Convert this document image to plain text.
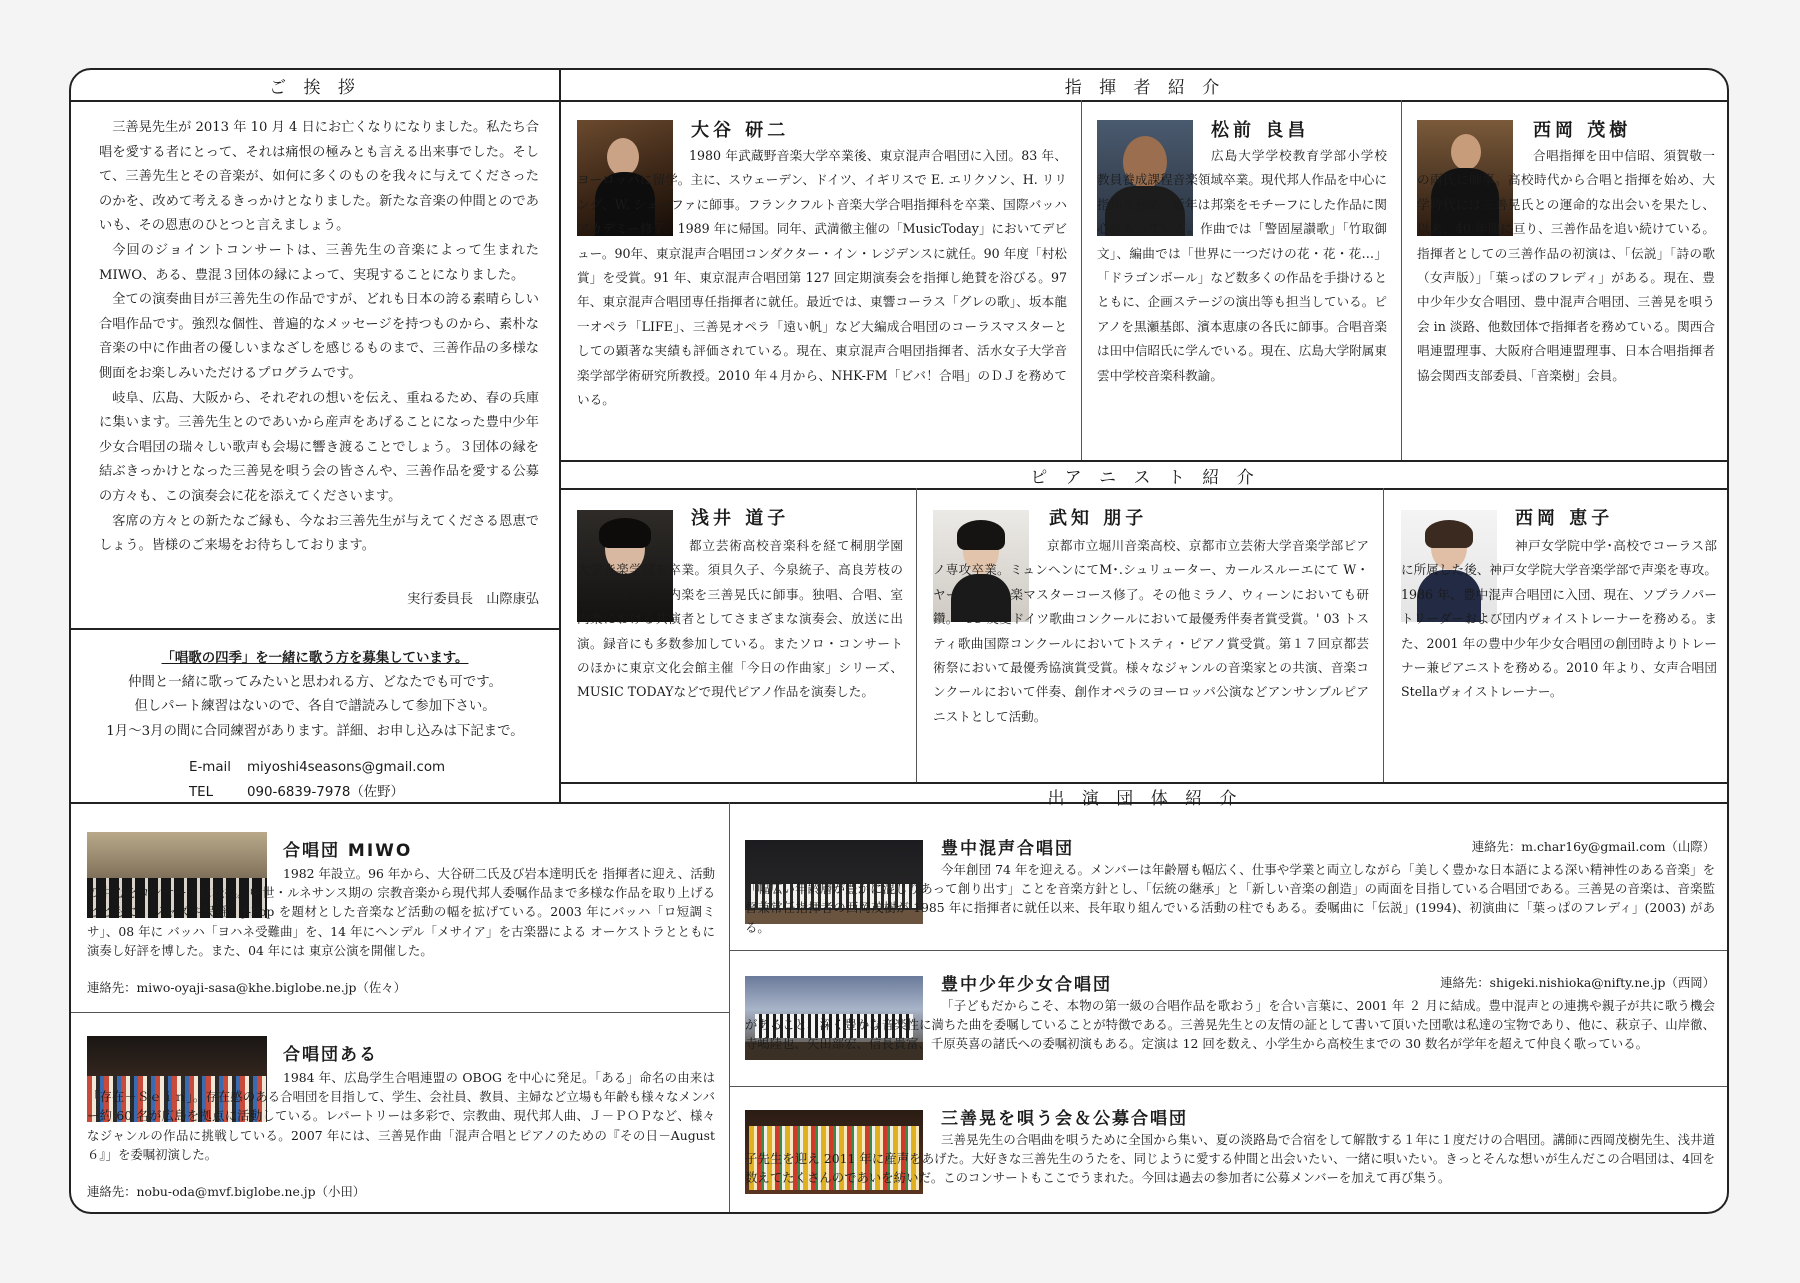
ご 挨 拶

三善晃先生が 2013 年 10 月 4 日にお亡くなりになりました。私たち合唱を愛する者にとって、それは痛恨の極みとも言える出来事でした。そして、三善先生とその音楽が、如何に多くのものを我々に与えてくださったのかを、改めて考えるきっかけとなりました。新たな音楽の仲間とのであいも、その恩恵のひとつと言えましょう。

今回のジョイントコンサートは、三善先生の音楽によって生まれた MIWO、ある、豊混３団体の縁によって、実現することになりました。

全ての演奏曲目が三善先生の作品ですが、どれも日本の誇る素晴らしい合唱作品です。強烈な個性、普遍的なメッセージを持つものから、素朴な音楽の中に作曲者の優しいまなざしを感じるものまで、三善作品の多様な側面をお楽しみいただけるプログラムです。

岐阜、広島、大阪から、それぞれの想いを伝え、重ねるため、春の兵庫に集います。三善先生とのであいから産声をあげることになった豊中少年少女合唱団の瑞々しい歌声も会場に響き渡ることでしょう。３団体の縁を結ぶきっかけとなった三善晃を唄う会の皆さんや、三善作品を愛する公募の方々も、この演奏会に花を添えてくださいます。

客席の方々との新たなご縁も、今なお三善先生が与えてくださる恩恵でしょう。皆様のご来場をお待ちしております。

実行委員長　山際康弘
「唱歌の四季」を一緒に歌う方を募集しています。
仲間と一緒に歌ってみたいと思われる方、どなたでも可です。
但しパート練習はないので、各自で譜読みして参加下さい。
1月～3月の間に合同練習があります。詳細、お申し込みは下記まで。
E-mail miyoshi4seasons@gmail.com
TEL	090-6839-7978（佐野）
指 揮 者 紹 介
大谷 研二
1980 年武蔵野音楽大学卒業後、東京混声合唱団に入団。83 年、ヨーロッパに留学。主に、スウェーデン、ドイツ、イギリスで E. エリクソン、H. リリング、W. シェーファに師事。フランクフルト音楽大学合唱指揮科を卒業、国際バッハアカデミー修了。1989 年に帰国。同年、武満徹主催の「MusicToday」においてデビュー。90年、東京混声合唱団コンダクター・イン・レジデンスに就任。90 年度「村松賞」を受賞。91 年、東京混声合唱団第 127 回定期演奏会を指揮し絶賛を浴びる。97 年、東京混声合唱団専任指揮者に就任。最近では、東響コーラス「グレの歌」、坂本龍一オペラ「LIFE」、三善晃オペラ「遠い帆」など大編成合唱団のコーラスマスターとしての顕著な実績も評価されている。現在、東京混声合唱団指揮者、活水女子大学音楽学部学術研究所教授。2010 年４月から、NHK-FM「ビバ！合唱」のＤＪを務めている。
松前 良昌
広島大学学校教育学部小学校教員養成課程音楽領域卒業。現代邦人作品を中心に指揮を務め、近年は邦楽をモチーフにした作品に関心をもっている。作曲では「警固屋讃歌」「竹取御文」、編曲では「世界に一つだけの花・花・花…」「ドラゴンボール」など数多くの作品を手掛けるとともに、企画ステージの演出等も担当している。ピアノを黒瀬基郎、濱本恵康の各氏に師事。合唱音楽は田中信昭氏に学んでいる。現在、広島大学附属東雲中学校音楽科教諭。
西岡 茂樹
合唱指揮を田中信昭、須賀敬一の両氏に師事。高校時代から合唱と指揮を始め、大学時代には三善晃氏との運命的な出会いを果たし、以来、40 年間に亘り、三善作品を追い続けている。指揮者としての三善作品の初演は、「伝説」「詩の歌（女声版）」「葉っぱのフレディ」がある。現在、豊中少年少女合唱団、豊中混声合唱団、三善晃を唄う会 in 淡路、他数団体で指揮者を務めている。関西合唱連盟理事、大阪府合唱連盟理事、日本合唱指揮者協会関西支部委員、「音楽樹」会員。
ピ ア ニ ス ト 紹 介
浅井 道子
都立芸術高校音楽科を経て桐朋学園大学音楽学部を卒業。須貝久子、今泉統子、高良芳枝の各氏に師事。室内楽を三善晃氏に師事。独唱、合唱、室内楽における共演者としてさまざまな演奏会、放送に出演。録音にも多数参加している。またソロ・コンサートのほかに東京文化会館主催「今日の作曲家」シリーズ、MUSIC TODAYなどで現代ピアノ作品を演奏した。
武知 朋子
京都市立堀川音楽高校、京都市立芸術大学音楽学部ピアノ専攻卒業。ミュンヘンにてM･.シュリューター、カールスルーエにて W・ヤーンの室内楽マスターコース修了。その他ミラノ、ウィーンにおいても研鑽。' 95 友愛ドイツ歌曲コンクールにおいて最優秀伴奏者賞受賞。' 03 トスティ歌曲国際コンクールにおいてトスティ・ピアノ賞受賞。第１７回京都芸術祭において最優秀協演賞受賞。様々なジャンルの音楽家との共演、音楽コンクールにおいて伴奏、創作オペラのヨーロッパ公演などアンサンブルピアニストとして活動。
西岡 恵子
神戸女学院中学･高校でコーラス部に所属した後、神戸女学院大学音楽学部で声楽を専攻。1986 年、豊中混声合唱団に入団、現在、ソプラノパートリーダーおよび団内ヴォイストレーナーを務める。また、2001 年の豊中少年少女合唱団の創団時よりトレーナー兼ピアニストを務める。2010 年より、女声合唱団 Stellaヴォイストレーナー。
出 演 団 体 紹 介
合唱団 MIWO
1982 年設立。96 年から、大谷研二氏及び岩本達明氏を 指揮者に迎え、活動の中心をコンサートに転換。中世・ルネサンス期の 宗教音楽から現代邦人委嘱作品まで多様な作品を取り上げるとともに、ジャズや民謡、J-Pop を題材とした音楽など活動の幅を拡げている。2003 年にバッハ「ロ短調ミサ」、08 年に バッハ「ヨハネ受難曲」を、14 年にヘンデル「メサイア」を古楽器による オーケストラとともに演奏し好評を博した。また、04 年には 東京公演を開催した。
連絡先：miwo-oyaji-sasa@khe.biglobe.ne.jp（佐々）
合唱団ある
1984 年、広島学生合唱連盟の OBOG を中心に発足。「ある」命名の由来は「存在－Ｓｅｉｎ」。存在感のある合唱団を目指して、学生、会社員、教員、主婦など立場も年齢も様々なメンバー約 60 名が広島を拠点に活動している。レパートリーは多彩で、宗教曲、現代邦人曲、Ｊ－ＰＯＰなど、様々なジャンルの作品に挑戦している。2007 年には、三善晃作曲「混声合唱とピアノのための『その日－August６』」を委嘱初演した。
連絡先：nobu-oda@mvf.biglobe.ne.jp（小田）
豊中混声合唱団	連絡先：m.char16y@gmail.com（山際）
今年創団 74 年を迎える。メンバーは年齢層も幅広く、仕事や学業と両立しながら「美しく豊かな日本語による深い精神性のある音楽」を「幅広い年齢層が豊かに混じりあって創り出す」ことを音楽方針とし、「伝統の継承」と「新しい音楽の創造」の両面を目指している合唱団である。三善晃の音楽は、音楽監督兼常任指揮者の西岡茂樹が 1985 年に指揮者に就任以来、長年取り組んでいる活動の柱でもある。委嘱曲に「伝説」(1994)、初演曲に「葉っぱのフレディ」(2003) がある。
豊中少年少女合唱団	連絡先：shigeki.nishioka@nifty.ne.jp（西岡）
「子どもだからこそ、本物の第一級の合唱作品を歌おう」を合い言葉に、2001 年 ２ 月に結成。豊中混声との連携や親子が共に歌う機会があること、深く豊かな音楽性に満ちた曲を委嘱していることが特徴である。三善晃先生との友情の証として書いて頂いた団歌は私達の宝物であり、他に、萩京子、山岸徹、寺嶋陸也、矢田部宏、信長貴富、千原英喜の諸氏への委嘱初演もある。定演は 12 回を数え、小学生から高校生までの 30 数名が学年を超えて仲良く歌っている。
三善晃を唄う会＆公募合唱団
三善晃先生の合唱曲を唄うために全国から集い、夏の淡路島で合宿をして解散する１年に１度だけの合唱団。講師に西岡茂樹先生、浅井道子先生を迎え 2011 年に産声をあげた。大好きな三善先生のうたを、同じように愛する仲間と出会いたい、一緒に唄いたい。きっとそんな想いが生んだこの合唱団は、4回を数えてたくさんのであいを紡いだ。このコンサートもここでうまれた。今回は過去の参加者に公募メンバーを加えて再び集う。
